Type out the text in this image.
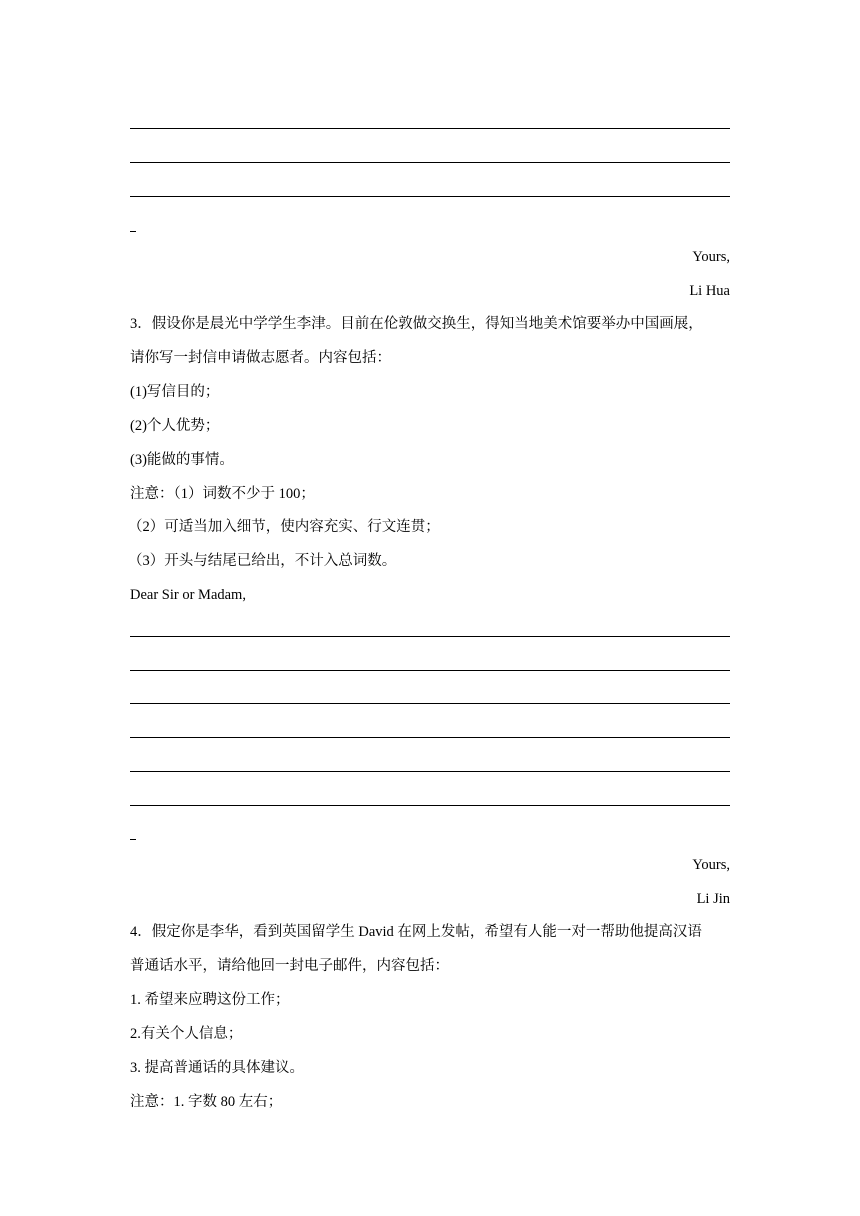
Yours,
Li Hua
3．假设你是晨光中学学生李津。目前在伦敦做交换生，得知当地美术馆要举办中国画展，
请你写一封信申请做志愿者。内容包括：
(1)写信目的；
(2)个人优势；
(3)能做的事情。
注意：（1）词数不少于 100；
（2）可适当加入细节，使内容充实、行文连贯；
（3）开头与结尾已给出，不计入总词数。
Dear Sir or Madam,
Yours,
Li Jin
4．假定你是李华，看到英国留学生 David 在网上发帖，希望有人能一对一帮助他提高汉语
普通话水平，请给他回一封电子邮件，内容包括：
1. 希望来应聘这份工作；
2.有关个人信息；
3. 提高普通话的具体建议。
注意：1. 字数 80 左右；
